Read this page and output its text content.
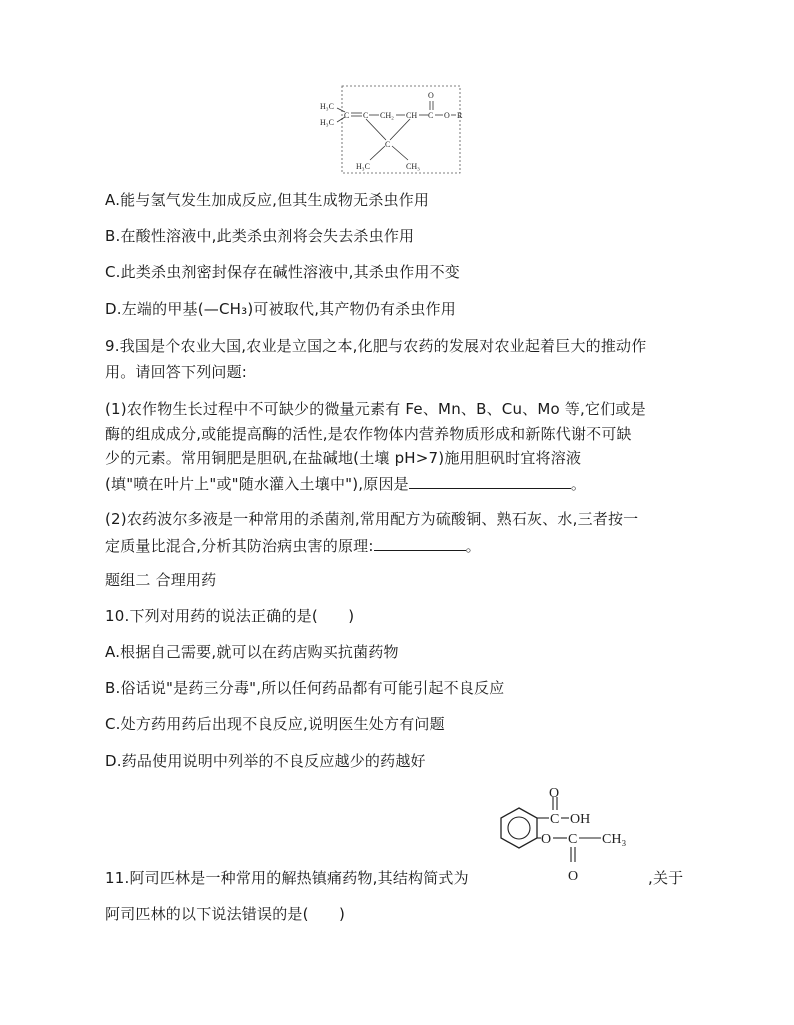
H₃C
H₃C
C C CH₂ CH C
O
O R
C
H₃C	CH₃
A.能与氢气发生加成反应,但其生成物无杀虫作用
B.在酸性溶液中,此类杀虫剂将会失去杀虫作用
C.此类杀虫剂密封保存在碱性溶液中,其杀虫作用不变
D.左端的甲基(—CH₃)可被取代,其产物仍有杀虫作用
9.我国是个农业大国,农业是立国之本,化肥与农药的发展对农业起着巨大的推动作
用。请回答下列问题:
(1)农作物生长过程中不可缺少的微量元素有 Fe、Mn、B、Cu、Mo 等,它们或是
酶的组成成分,或能提高酶的活性,是农作物体内营养物质形成和新陈代谢不可缺
少的元素。常用铜肥是胆矾,在盐碱地(土壤 pH>7)施用胆矾时宜将溶液
(填"喷在叶片上"或"随水灌入土壤中"),原因是	。
(2)农药波尔多液是一种常用的杀菌剂,常用配方为硫酸铜、熟石灰、水,三者按一
定质量比混合,分析其防治病虫害的原理:	。
题组二 合理用药
10.下列对用药的说法正确的是(　　)
A.根据自己需要,就可以在药店购买抗菌药物
B.俗话说"是药三分毒",所以任何药品都有可能引起不良反应
C.处方药用药后出现不良反应,说明医生处方有问题
D.药品使用说明中列举的不良反应越少的药越好
C
O
OH
O C
O
CH₃
11.阿司匹林是一种常用的解热镇痛药物,其结构简式为	,关于
阿司匹林的以下说法错误的是(　　)
